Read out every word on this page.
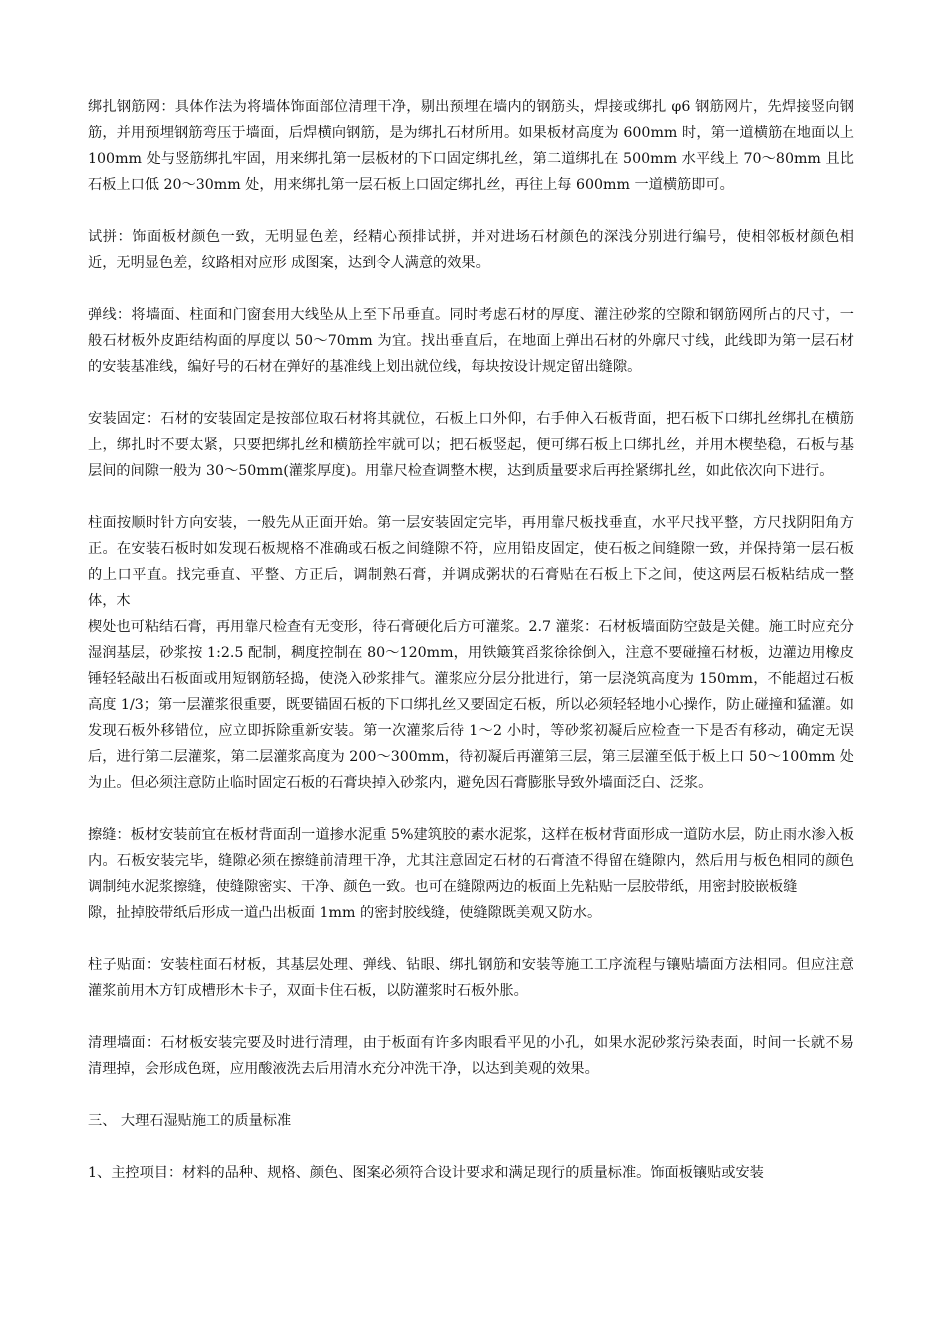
绑扎钢筋网：具体作法为将墙体饰面部位清理干净，剔出预埋在墙内的钢筋头，焊接或绑扎 φ6 钢筋网片，先焊接竖向钢筋，并用预埋钢筋弯压于墙面，后焊横向钢筋，是为绑扎石材所用。如果板材高度为 600mm 时，第一道横筋在地面以上 100mm 处与竖筋绑扎牢固，用来绑扎第一层板材的下口固定绑扎丝，第二道绑扎在 500mm 水平线上 70～80mm 且比石板上口低 20～30mm 处，用来绑扎第一层石板上口固定绑扎丝，再往上每 600mm 一道横筋即可。

试拼：饰面板材颜色一致，无明显色差，经精心预排试拼，并对进场石材颜色的深浅分别进行编号，使相邻板材颜色相近，无明显色差，纹路相对应形 成图案，达到令人满意的效果。

弹线：将墙面、柱面和门窗套用大线坠从上至下吊垂直。同时考虑石材的厚度、灌注砂浆的空隙和钢筋网所占的尺寸，一般石材板外皮距结构面的厚度以 50～70mm 为宜。找出垂直后，在地面上弹出石材的外廓尺寸线，此线即为第一层石材的安装基准线，编好号的石材在弹好的基准线上划出就位线，每块按设计规定留出缝隙。

安装固定：石材的安装固定是按部位取石材将其就位，石板上口外仰，右手伸入石板背面，把石板下口绑扎丝绑扎在横筋上，绑扎时不要太紧，只要把绑扎丝和横筋拴牢就可以；把石板竖起，便可绑石板上口绑扎丝，并用木楔垫稳，石板与基层间的间隙一般为 30～50mm(灌浆厚度)。用靠尺检查调整木楔，达到质量要求后再拴紧绑扎丝，如此依次向下进行。

柱面按顺时针方向安装，一般先从正面开始。第一层安装固定完毕，再用靠尺板找垂直，水平尺找平整，方尺找阴阳角方正。在安装石板时如发现石板规格不准确或石板之间缝隙不符，应用铅皮固定，使石板之间缝隙一致，并保持第一层石板的上口平直。找完垂直、平整、方正后，调制熟石膏，并调成粥状的石膏贴在石板上下之间，使这两层石板粘结成一整体，木

楔处也可粘结石膏，再用靠尺检查有无变形，待石膏硬化后方可灌浆。2.7 灌浆：石材板墙面防空鼓是关健。施工时应充分湿润基层，砂浆按 1:2.5 配制，稠度控制在 80～120mm，用铁簸箕舀浆徐徐倒入，注意不要碰撞石材板，边灌边用橡皮锤轻轻敲出石板面或用短钢筋轻捣，使浇入砂浆排气。灌浆应分层分批进行，第一层浇筑高度为 150mm，不能超过石板高度 1/3；第一层灌浆很重要，既要锚固石板的下口绑扎丝又要固定石板，所以必须轻轻地小心操作，防止碰撞和猛灌。如发现石板外移错位，应立即拆除重新安装。第一次灌浆后待 1～2 小时，等砂浆初凝后应检查一下是否有移动，确定无误后，进行第二层灌浆，第二层灌浆高度为 200～300mm，待初凝后再灌第三层，第三层灌至低于板上口 50～100mm 处为止。但必须注意防止临时固定石板的石膏块掉入砂浆内，避免因石膏膨胀导致外墙面泛白、泛浆。

擦缝：板材安装前宜在板材背面刮一道掺水泥重 5%建筑胶的素水泥浆，这样在板材背面形成一道防水层，防止雨水渗入板内。石板安装完毕，缝隙必须在擦缝前清理干净，尤其注意固定石材的石膏渣不得留在缝隙内，然后用与板色相同的颜色调制纯水泥浆擦缝，使缝隙密实、干净、颜色一致。也可在缝隙两边的板面上先粘贴一层胶带纸，用密封胶嵌板缝

隙，扯掉胶带纸后形成一道凸出板面 1mm 的密封胶线缝，使缝隙既美观又防水。

柱子贴面：安装柱面石材板，其基层处理、弹线、钻眼、绑扎钢筋和安装等施工工序流程与镶贴墙面方法相同。但应注意灌浆前用木方钉成槽形木卡子，双面卡住石板，以防灌浆时石板外胀。

清理墙面：石材板安装完要及时进行清理，由于板面有许多肉眼看平见的小孔，如果水泥砂浆污染表面，时间一长就不易清理掉，会形成色斑，应用酸液洗去后用清水充分冲洗干净，以达到美观的效果。

三、 大理石湿贴施工的质量标准

1、主控项目：材料的品种、规格、颜色、图案必须符合设计要求和满足现行的质量标准。饰面板镶贴或安装
